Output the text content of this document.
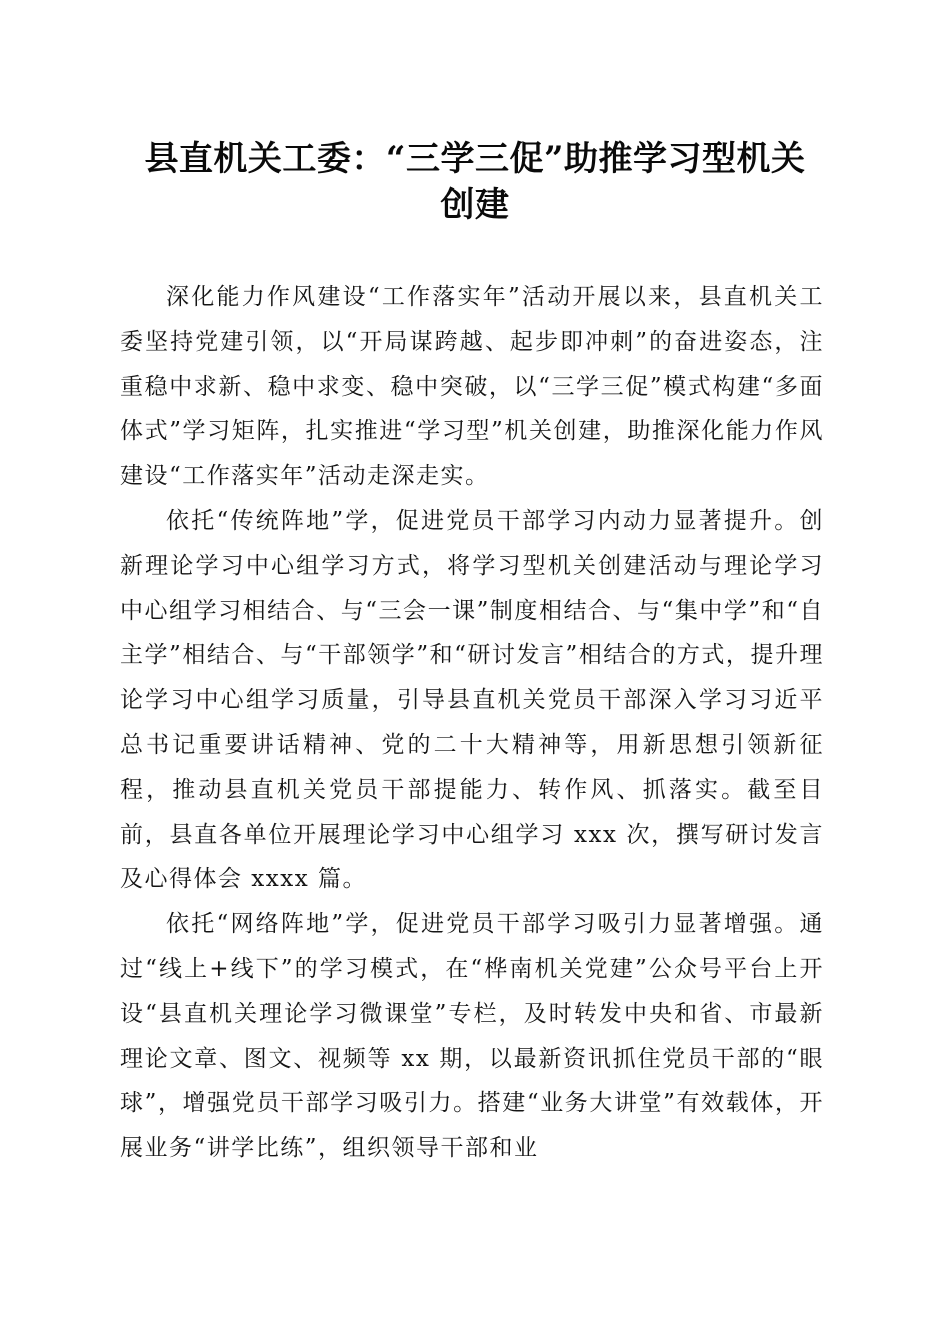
县直机关工委：“三学三促”助推学习型机关
创建

深化能力作风建设“工作落实年”活动开展以来，县直机关工委坚持党建引领，以“开局谋跨越、起步即冲刺”的奋进姿态，注重稳中求新、稳中求变、稳中突破，以“三学三促”模式构建“多面体式”学习矩阵，扎实推进“学习型”机关创建，助推深化能力作风建设“工作落实年”活动走深走实。

依托“传统阵地”学，促进党员干部学习内动力显著提升。创新理论学习中心组学习方式，将学习型机关创建活动与理论学习中心组学习相结合、与“三会一课”制度相结合、与“集中学”和“自主学”相结合、与“干部领学”和“研讨发言”相结合的方式，提升理论学习中心组学习质量，引导县直机关党员干部深入学习习近平总书记重要讲话精神、党的二十大精神等，用新思想引领新征程，推动县直机关党员干部提能力、转作风、抓落实。截至目前，县直各单位开展理论学习中心组学习 xxx 次，撰写研讨发言及心得体会 xxxx 篇。

依托“网络阵地”学，促进党员干部学习吸引力显著增强。通过“线上+线下”的学习模式，在“桦南机关党建”公众号平台上开设“县直机关理论学习微课堂”专栏，及时转发中央和省、市最新理论文章、图文、视频等 xx 期，以最新资讯抓住党员干部的“眼球”，增强党员干部学习吸引力。搭建“业务大讲堂”有效载体，开展业务“讲学比练”，组织领导干部和业
